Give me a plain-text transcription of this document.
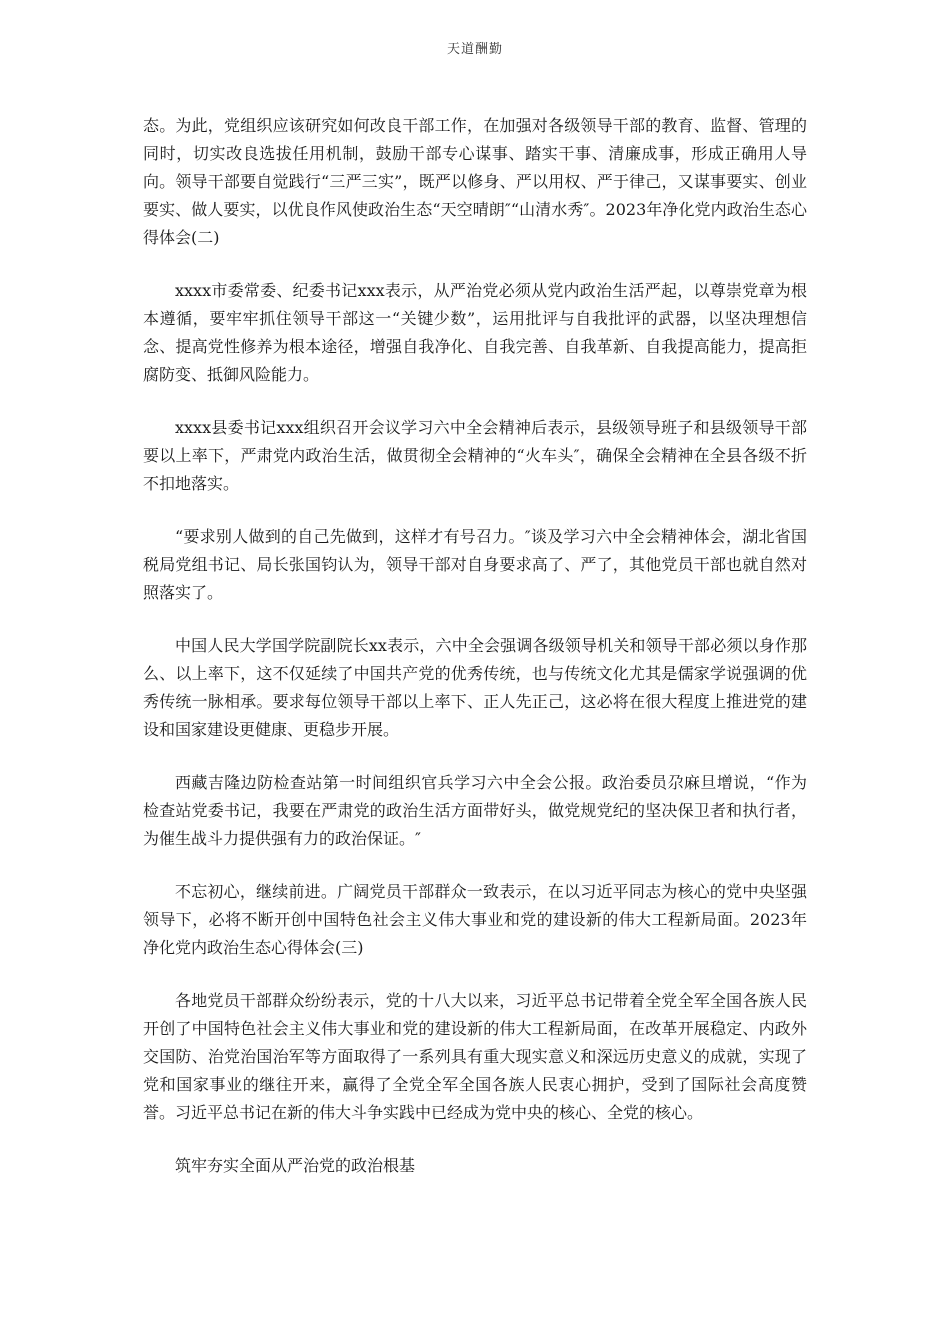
天道酬勤

态。为此，党组织应该研究如何改良干部工作，在加强对各级领导干部的教育、监督、管理的同时，切实改良选拔任用机制，鼓励干部专心谋事、踏实干事、清廉成事，形成正确用人导向。领导干部要自觉践行“三严三实”，既严以修身、严以用权、严于律己，又谋事要实、创业要实、做人要实，以优良作风使政治生态“天空晴朗″“山清水秀″。2023年净化党内政治生态心得体会(二)

xxxx市委常委、纪委书记xxx表示，从严治党必须从党内政治生活严起，以尊崇党章为根本遵循，要牢牢抓住领导干部这一“关键少数”，运用批评与自我批评的武器，以坚决理想信念、提高党性修养为根本途径，增强自我净化、自我完善、自我革新、自我提高能力，提高拒腐防变、抵御风险能力。

xxxx县委书记xxx组织召开会议学习六中全会精神后表示，县级领导班子和县级领导干部要以上率下，严肃党内政治生活，做贯彻全会精神的“火车头″，确保全会精神在全县各级不折不扣地落实。

“要求别人做到的自己先做到，这样才有号召力。″谈及学习六中全会精神体会，湖北省国税局党组书记、局长张国钧认为，领导干部对自身要求高了、严了，其他党员干部也就自然对照落实了。

中国人民大学国学院副院长xx表示，六中全会强调各级领导机关和领导干部必须以身作那么、以上率下，这不仅延续了中国共产党的优秀传统，也与传统文化尤其是儒家学说强调的优秀传统一脉相承。要求每位领导干部以上率下、正人先正己，这必将在很大程度上推进党的建设和国家建设更健康、更稳步开展。

西藏吉隆边防检查站第一时间组织官兵学习六中全会公报。政治委员尕麻旦增说，“作为检查站党委书记，我要在严肃党的政治生活方面带好头，做党规党纪的坚决保卫者和执行者，为催生战斗力提供强有力的政治保证。″

不忘初心，继续前进。广阔党员干部群众一致表示，在以习近平同志为核心的党中央坚强领导下，必将不断开创中国特色社会主义伟大事业和党的建设新的伟大工程新局面。2023年净化党内政治生态心得体会(三)

各地党员干部群众纷纷表示，党的十八大以来，习近平总书记带着全党全军全国各族人民开创了中国特色社会主义伟大事业和党的建设新的伟大工程新局面，在改革开展稳定、内政外交国防、治党治国治军等方面取得了一系列具有重大现实意义和深远历史意义的成就，实现了党和国家事业的继往开来，赢得了全党全军全国各族人民衷心拥护，受到了国际社会高度赞誉。习近平总书记在新的伟大斗争实践中已经成为党中央的核心、全党的核心。

筑牢夯实全面从严治党的政治根基
